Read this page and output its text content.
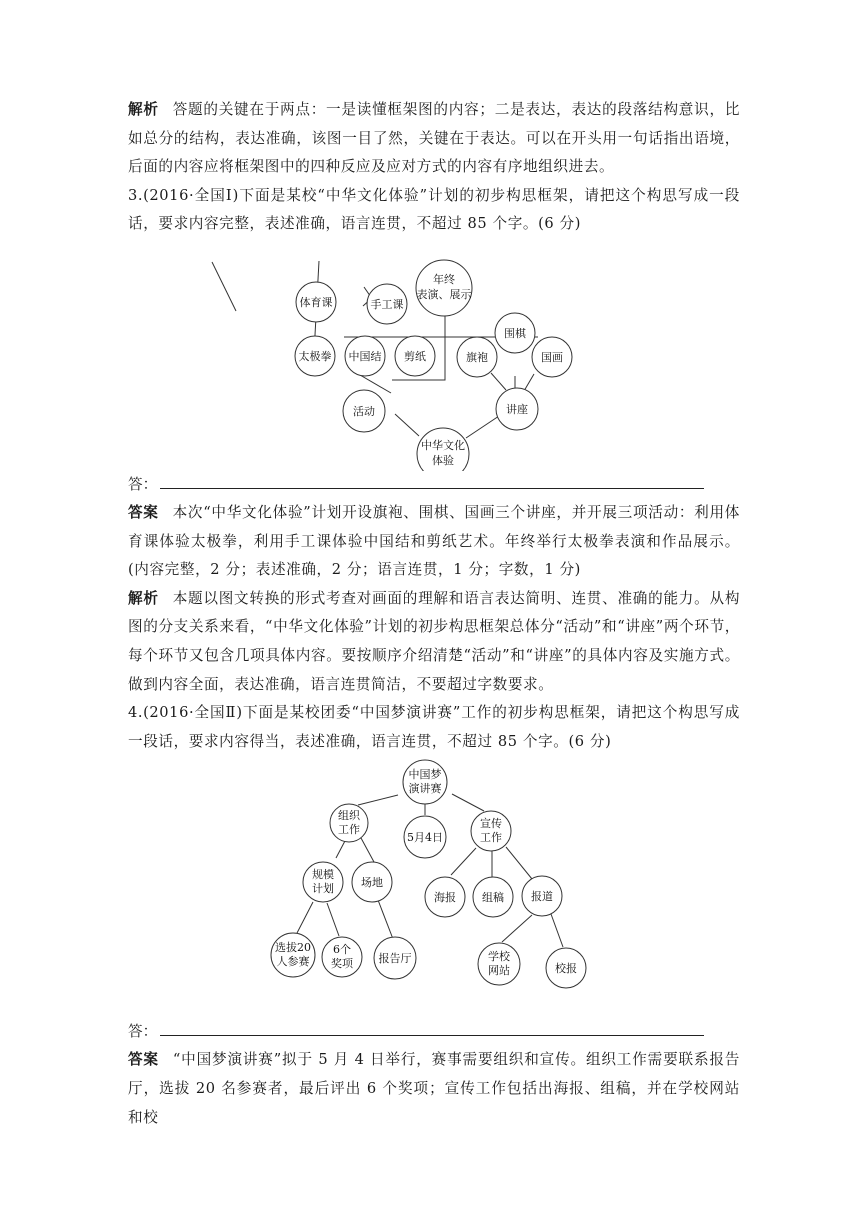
解析 答题的关键在于两点：一是读懂框架图的内容；二是表达，表达的段落结构意识，比如总分的结构，表达准确，该图一目了然，关键在于表达。可以在开头用一句话指出语境，后面的内容应将框架图中的四种反应及应对方式的内容有序地组织进去。

3.(2016·全国Ⅰ)下面是某校“中华文化体验”计划的初步构思框架，请把这个构思写成一段话，要求内容完整，表述准确，语言连贯，不超过 85 个字。(6 分)

体育课	手工课
年终
表演、展示
太极拳 中国结 剪纸
围棋
旗袍	国画
活动	讲座
中华文化
体验
答：

答案 本次“中华文化体验”计划开设旗袍、围棋、国画三个讲座，并开展三项活动：利用体育课体验太极拳，利用手工课体验中国结和剪纸艺术。年终举行太极拳表演和作品展示。(内容完整，2 分；表述准确，2 分；语言连贯，1 分；字数，1 分)

解析 本题以图文转换的形式考查对画面的理解和语言表达简明、连贯、准确的能力。从构图的分支关系来看，“中华文化体验”计划的初步构思框架总体分“活动”和“讲座”两个环节，每个环节又包含几项具体内容。要按顺序介绍清楚“活动”和“讲座”的具体内容及实施方式。做到内容全面，表达准确，语言连贯简洁，不要超过字数要求。

4.(2016·全国Ⅱ)下面是某校团委“中国梦演讲赛”工作的初步构思框架，请把这个构思写成一段话，要求内容得当，表述准确，语言连贯，不超过 85 个字。(6 分)

中国梦
演讲赛
组织
工作
5月4日
宣传
工作
规模
计划 场地
海报 组稿 报道
选拔20
人参赛
6个
奖项 报告厅	学校
网站	校报
答：

答案 “中国梦演讲赛”拟于 5 月 4 日举行，赛事需要组织和宣传。组织工作需要联系报告厅，选拔 20 名参赛者，最后评出 6 个奖项；宣传工作包括出海报、组稿，并在学校网站和校
